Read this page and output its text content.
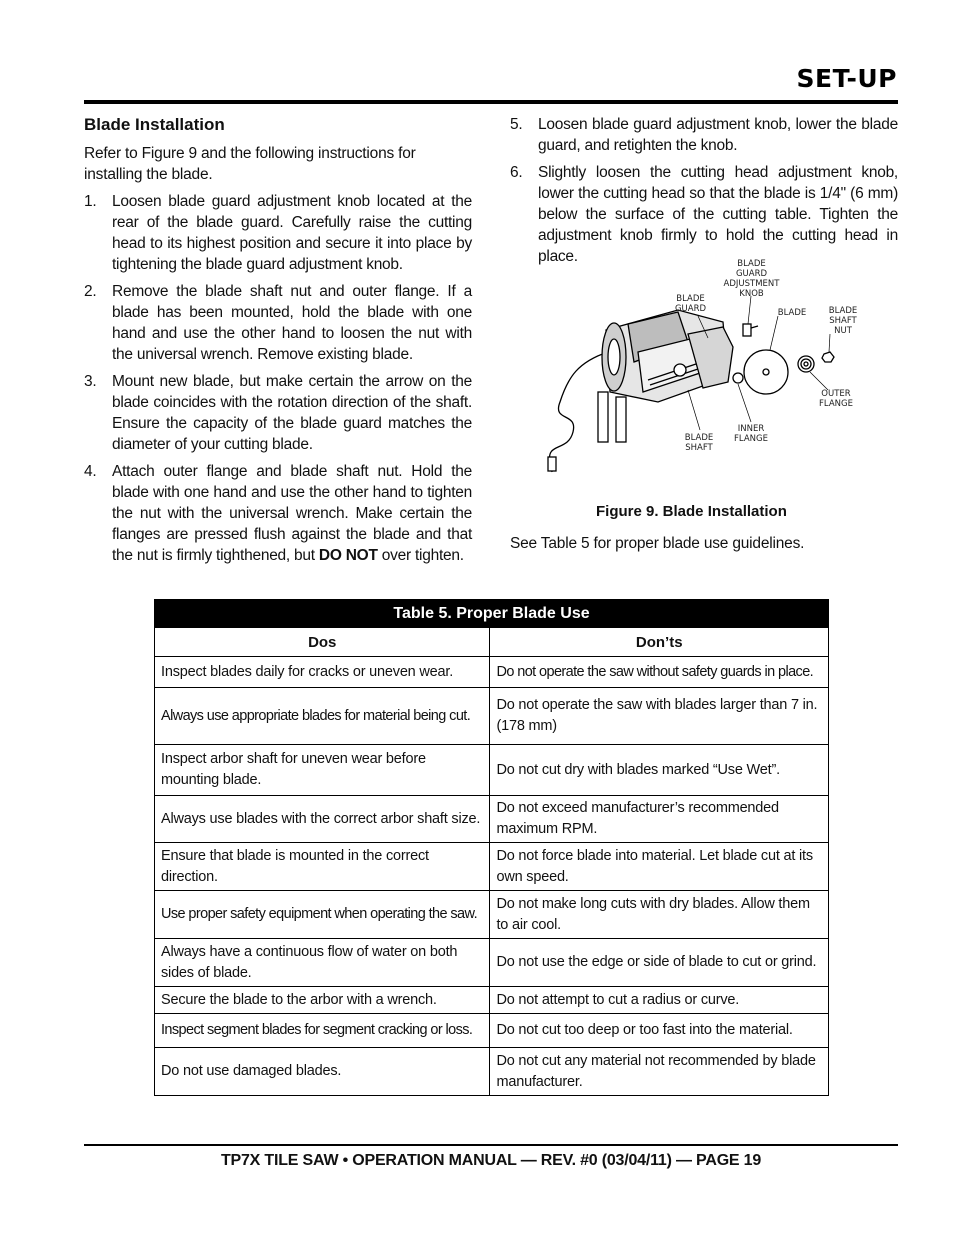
SET-UP
Blade Installation

Refer to Figure 9 and the following instructions for installing the blade.

1. Loosen blade guard adjustment knob located at the rear of the blade guard. Carefully raise the cutting head to its highest position and secure it into place by tightening the blade guard adjustment knob.
2. Remove the blade shaft nut and outer flange. If a blade has been mounted, hold the blade with one hand and use the other hand to loosen the nut with the universal wrench. Remove existing blade.
3. Mount new blade, but make certain the arrow on the blade coincides with the rotation direction of the shaft. Ensure the capacity of the blade guard matches the diameter of your cutting blade.
4. Attach outer flange and blade shaft nut. Hold the blade with one hand and use the other hand to tighten the nut with the universal wrench. Make certain the flanges are pressed flush against the blade and that the nut is firmly tighthened, but DO NOT over tighten.
5. Loosen blade guard adjustment knob, lower the blade guard, and retighten the knob.
6. Slightly loosen the cutting head adjustment knob, lower the cutting head so that the blade is 1/4" (6 mm) below the surface of the cutting table. Tighten the adjustment knob firmly to hold the cutting head in place.	BLADE
GUARD
ADJUSTMENT
KNOB
BLADE
GUARD	BLADE	BLADE
SHAFT
NUT
OUTER
FLANGE
INNER
FLANGE
BLADE
SHAFT
Figure 9. Blade Installation
See Table 5 for proper blade use guidelines.
Table 5. Proper Blade Use	
Dos	Don’ts
Inspect blades daily for cracks or uneven wear.	Do not operate the saw without safety guards in place.
Always use appropriate blades for material being cut.	Do not operate the saw with blades larger than 7 in. (178 mm)
Inspect arbor shaft for uneven wear before mounting blade.	Do not cut dry with blades marked “Use Wet”.
Always use blades with the correct arbor shaft size.	Do not exceed manufacturer’s recommended maximum RPM.
Ensure that blade is mounted in the correct direction.	Do not force blade into material. Let blade cut at its own speed.
Use proper safety equipment when operating the saw.	Do not make long cuts with dry blades. Allow them to air cool.
Always have a continuous flow of water on both sides of blade.	Do not use the edge or side of blade to cut or grind.
Secure the blade to the arbor with a wrench.	Do not attempt to cut a radius or curve.
Inspect segment blades for segment cracking or loss.	Do not cut too deep or too fast into the material.
Do not use damaged blades.	Do not cut any material not recommended by blade manufacturer.
TP7X TILE SAW • OPERATION MANUAL — REV. #0 (03/04/11) — PAGE 19
